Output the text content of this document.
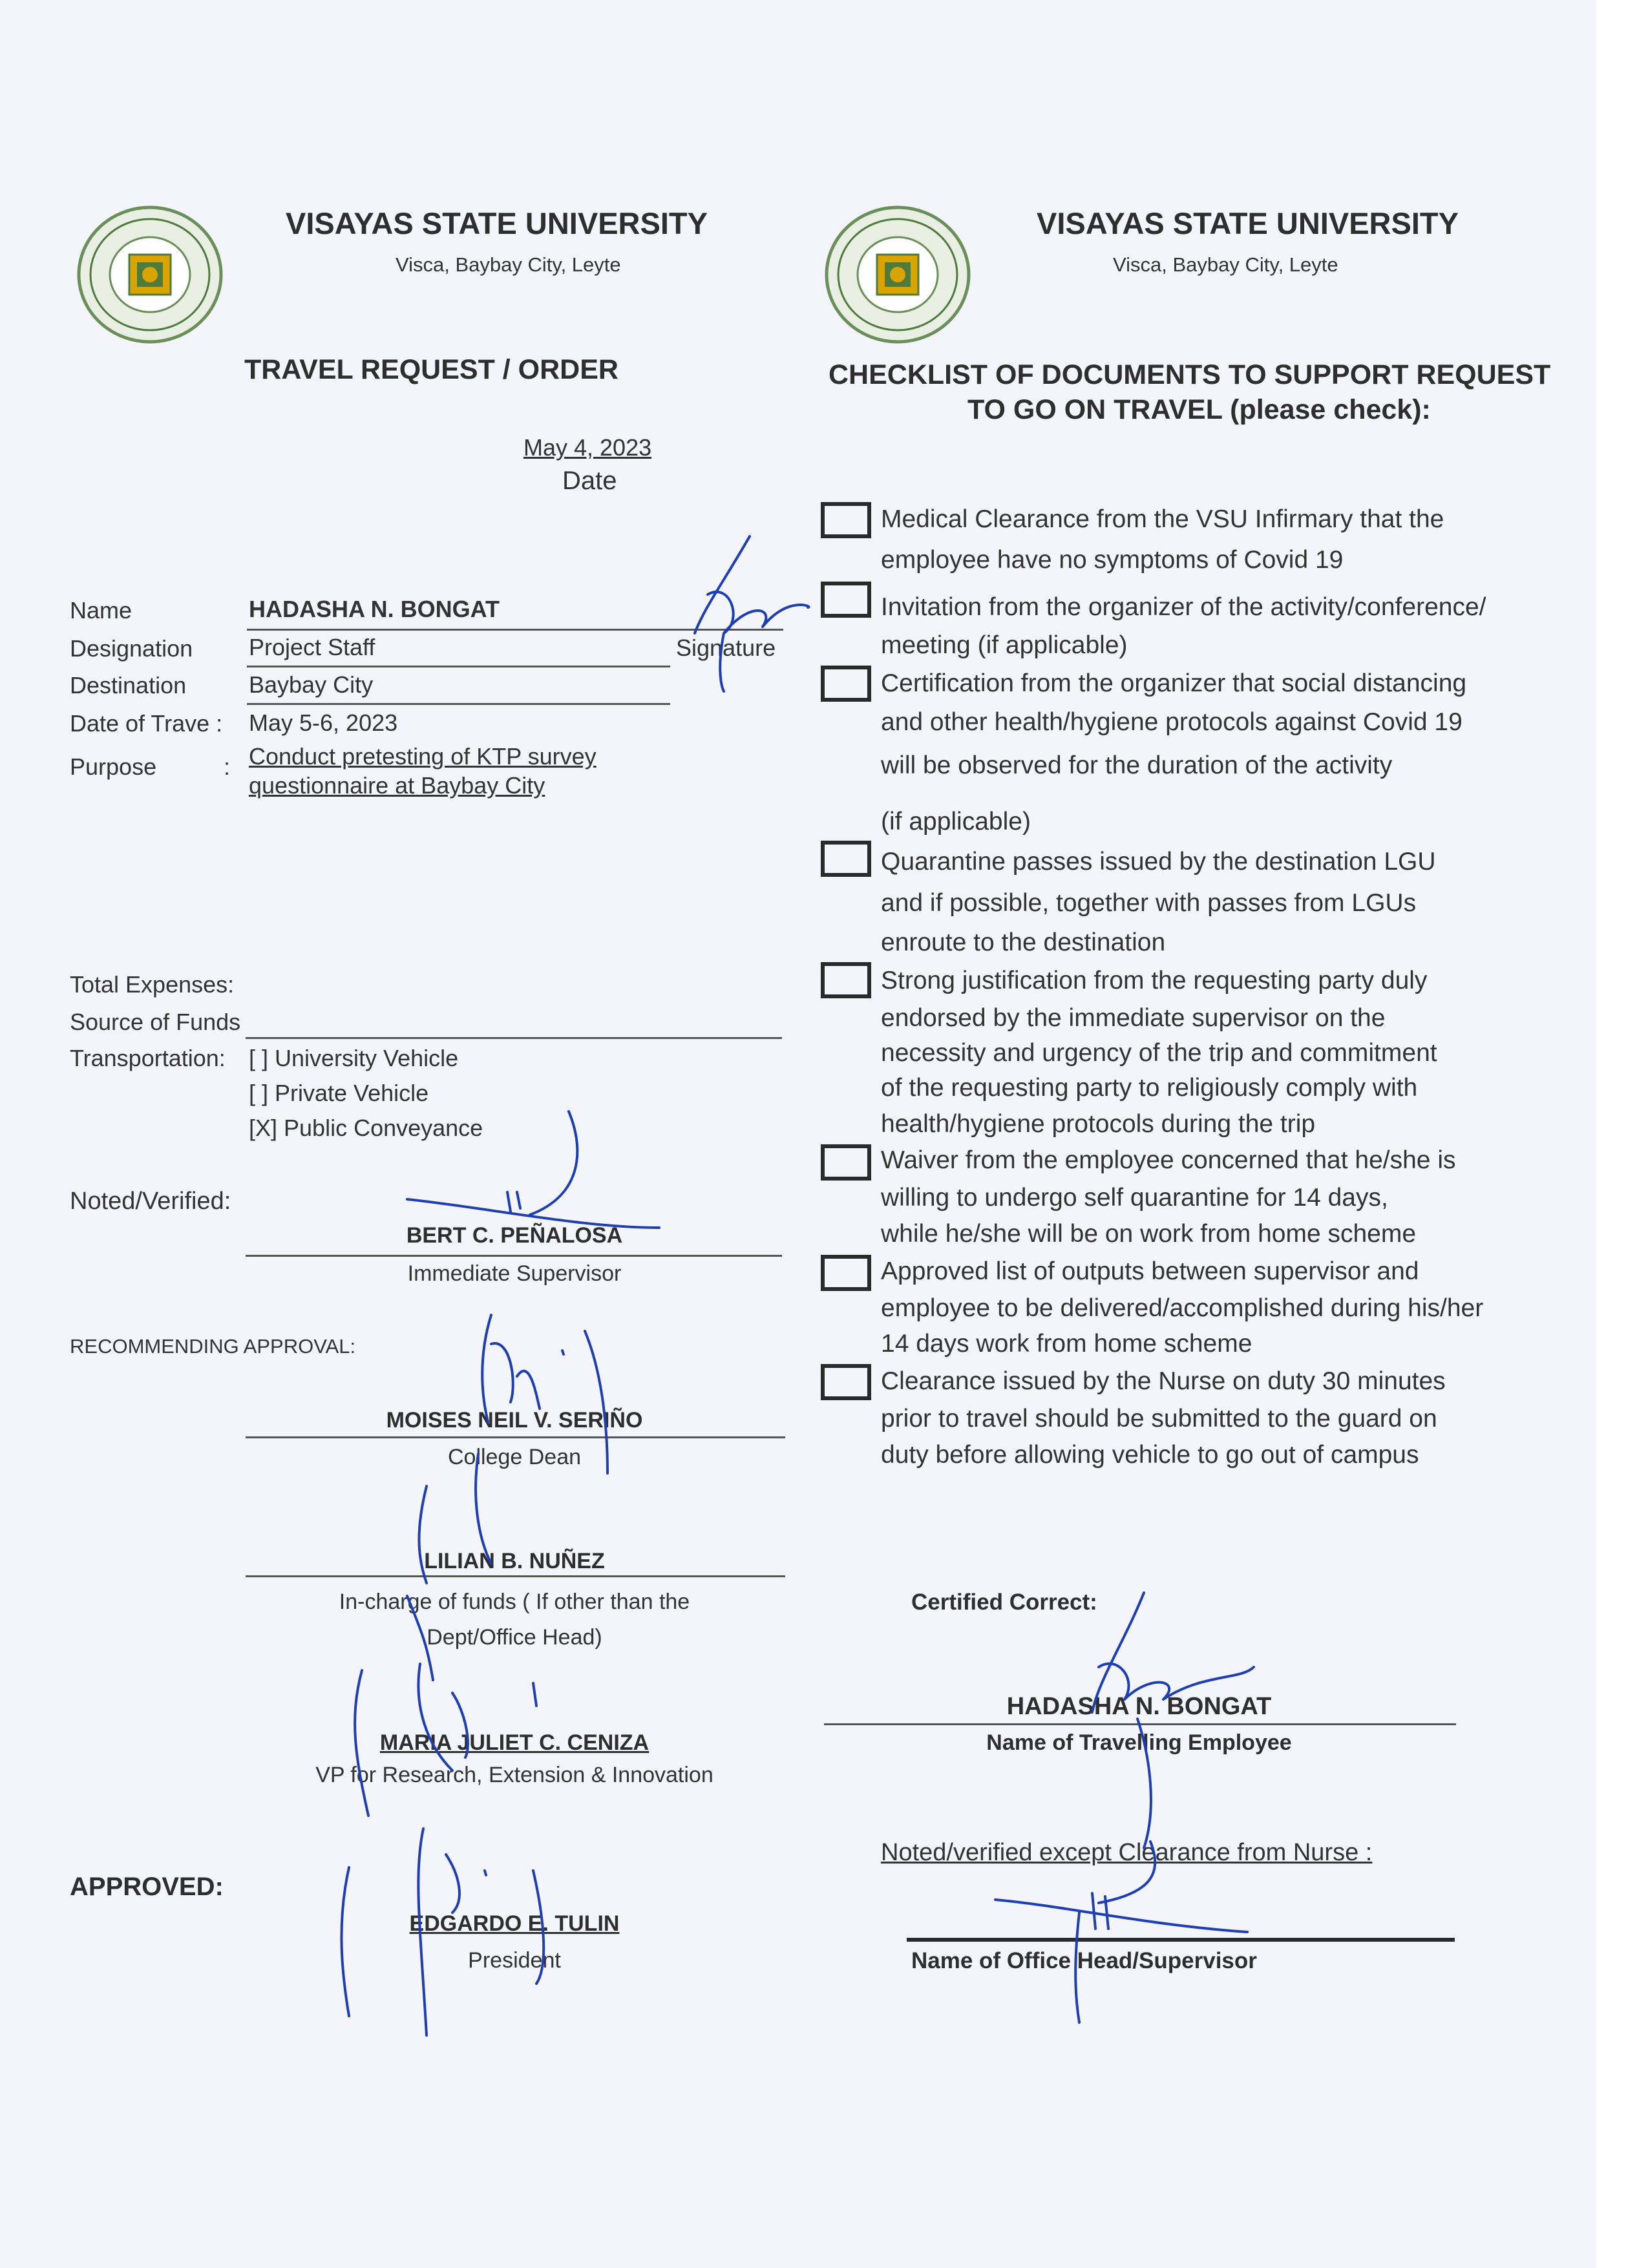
VISAYAS STATE UNIVERSITY
Visca, Baybay City, Leyte
TRAVEL REQUEST / ORDER
May 4, 2023
Date
Name	HADASHA N. BONGAT
Signature
Designation Project Staff
Destination	Baybay City
Date of Trave : May 5-6, 2023
Purpose	: Conduct pretesting of KTP survey
questionnaire at Baybay City
Total Expenses:
Source of Funds
Transportation: [ ] University Vehicle
[ ] Private Vehicle
[X] Public Conveyance
Noted/Verified:
BERT C. PEÑALOSA
Immediate Supervisor
RECOMMENDING APPROVAL:
MOISES NEIL V. SERIÑO
College Dean
LILIAN B. NUÑEZ
In-charge of funds ( If other than the
Dept/Office Head)
MARIA JULIET C. CENIZA
VP for Research, Extension & Innovation
APPROVED:
EDGARDO E. TULIN
President
VISAYAS STATE UNIVERSITY
Visca, Baybay City, Leyte
CHECKLIST OF DOCUMENTS TO SUPPORT REQUEST
TO GO ON TRAVEL (please check):
Medical Clearance from the VSU Infirmary that the
employee have no symptoms of Covid 19
Invitation from the organizer of the activity/conference/
meeting (if applicable)
Certification from the organizer that social distancing
and other health/hygiene protocols against Covid 19
will be observed for the duration of the activity
(if applicable)
Quarantine passes issued by the destination LGU
and if possible, together with passes from LGUs
enroute to the destination
Strong justification from the requesting party duly
endorsed by the immediate supervisor on the
necessity and urgency of the trip and commitment
of the requesting party to religiously comply with
health/hygiene protocols during the trip
Waiver from the employee concerned that he/she is
willing to undergo self quarantine for 14 days,
while he/she will be on work from home scheme
Approved list of outputs between supervisor and
employee to be delivered/accomplished during his/her
14 days work from home scheme
Clearance issued by the Nurse on duty 30 minutes
prior to travel should be submitted to the guard on
duty before allowing vehicle to go out of campus
Certified Correct:
HADASHA N. BONGAT
Name of Travelling Employee
Noted/verified except Clearance from Nurse :
Name of Office Head/Supervisor
